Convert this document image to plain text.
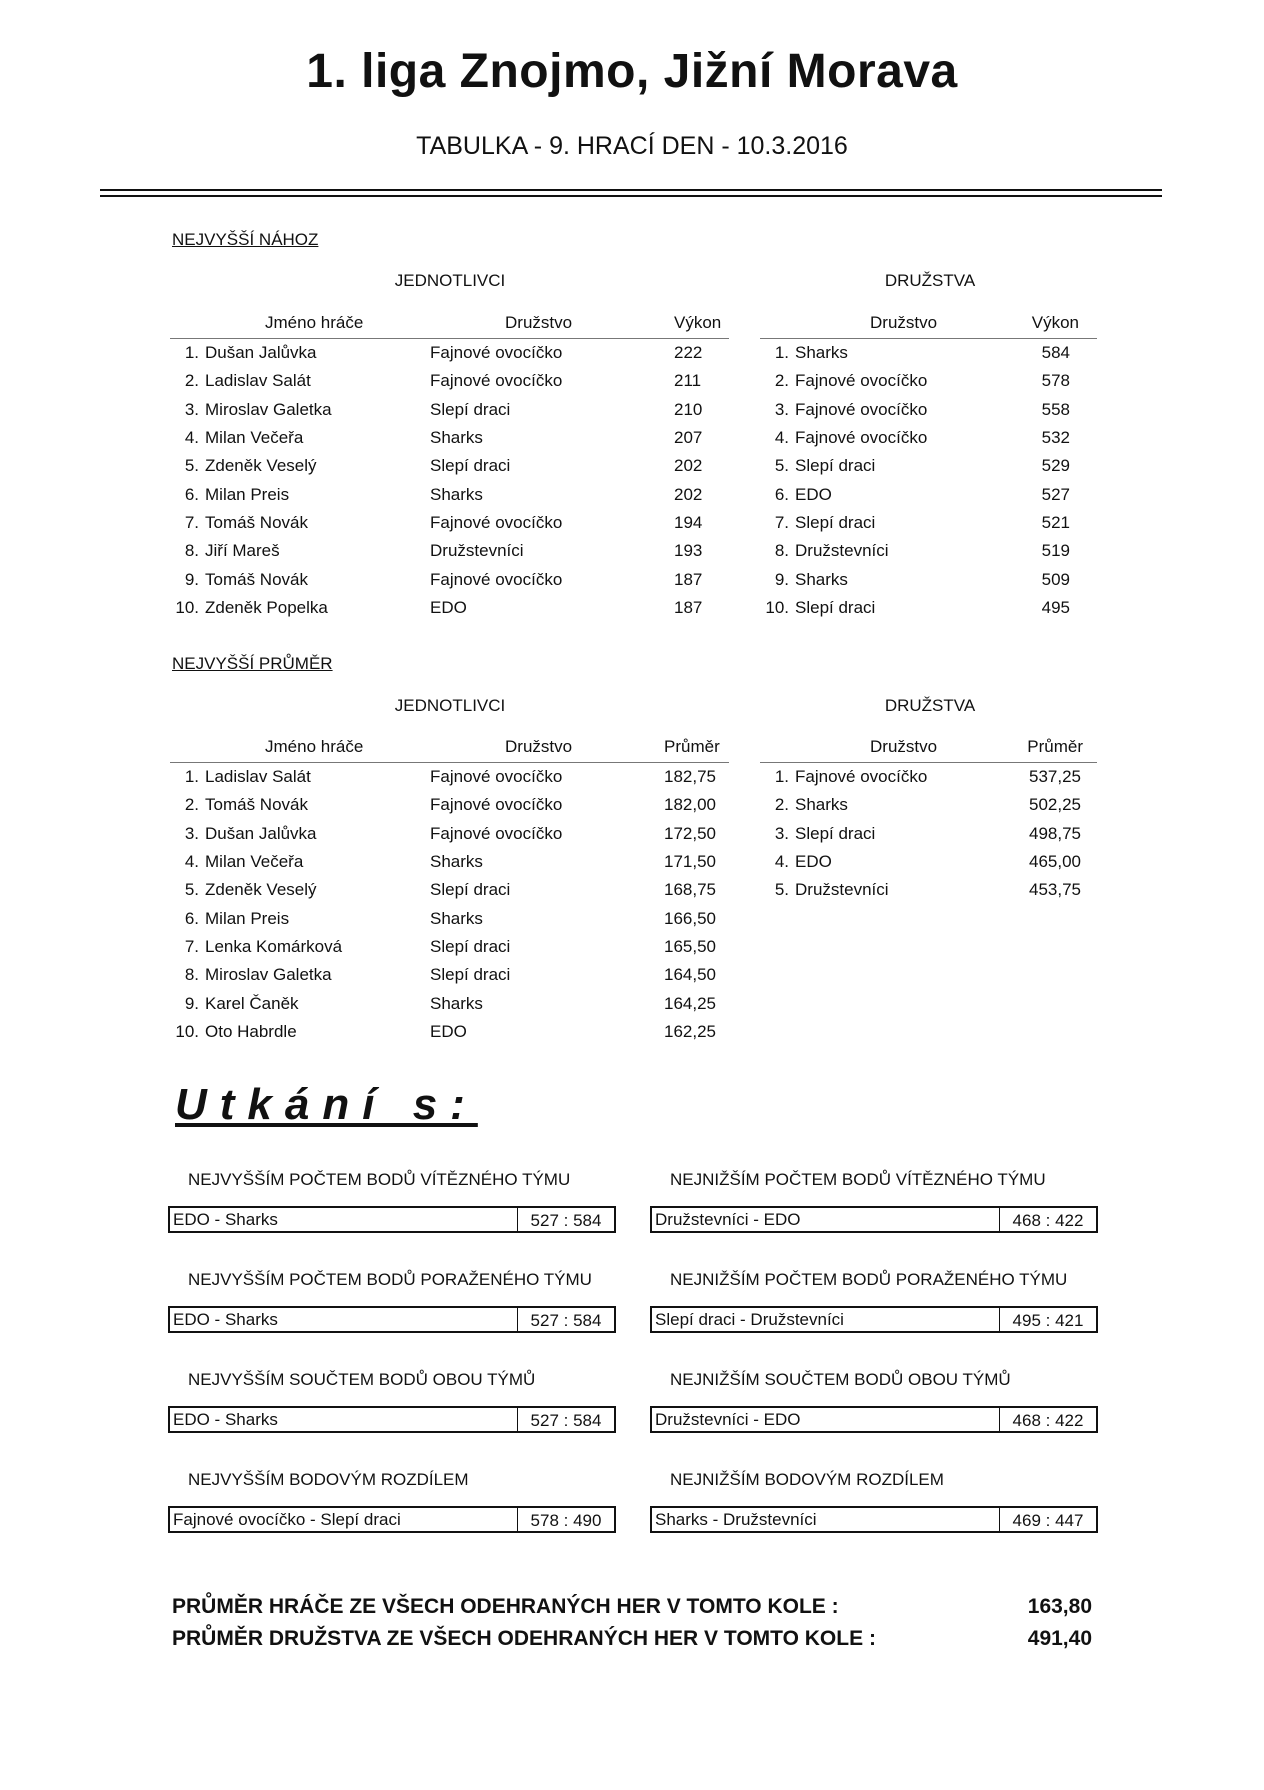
1. liga Znojmo, Jižní Morava
TABULKA - 9. HRACÍ DEN - 10.3.2016
NEJVYŠŠÍ NÁHOZ
JEDNOTLIVCI	DRUŽSTVA
Jméno hráče		Družstvo	Výkon
1.	Dušan Jalůvka	Fajnové ovocíčko	222
2.	Ladislav Salát	Fajnové ovocíčko	211
3.	Miroslav Galetka	Slepí draci	210
4.	Milan Večeřa	Sharks	207
5.	Zdeněk Veselý	Slepí draci	202
6.	Milan Preis	Sharks	202
7.	Tomáš Novák	Fajnové ovocíčko	194
8.	Jiří Mareš	Družstevníci	193
9.	Tomáš Novák	Fajnové ovocíčko	187
10.	Zdeněk Popelka	EDO	187
Družstvo		Výkon
1.	Sharks	584
2.	Fajnové ovocíčko	578
3.	Fajnové ovocíčko	558
4.	Fajnové ovocíčko	532
5.	Slepí draci	529
6.	EDO	527
7.	Slepí draci	521
8.	Družstevníci	519
9.	Sharks	509
10.	Slepí draci	495
NEJVYŠŠÍ PRŮMĚR
JEDNOTLIVCI	DRUŽSTVA
Jméno hráče		Družstvo	Průměr
1.	Ladislav Salát	Fajnové ovocíčko	182,75
2.	Tomáš Novák	Fajnové ovocíčko	182,00
3.	Dušan Jalůvka	Fajnové ovocíčko	172,50
4.	Milan Večeřa	Sharks	171,50
5.	Zdeněk Veselý	Slepí draci	168,75
6.	Milan Preis	Sharks	166,50
7.	Lenka Komárková	Slepí draci	165,50
8.	Miroslav Galetka	Slepí draci	164,50
9.	Karel Čaněk	Sharks	164,25
10.	Oto Habrdle	EDO	162,25
Družstvo		Průměr
1.	Fajnové ovocíčko	537,25
2.	Sharks	502,25
3.	Slepí draci	498,75
4.	EDO	465,00
5.	Družstevníci	453,75
Utkání s:
NEJVYŠŠÍM POČTEM BODŮ VÍTĚZNÉHO TÝMU
EDO - Sharks	527 : 584
NEJVYŠŠÍM POČTEM BODŮ PORAŽENÉHO TÝMU
EDO - Sharks	527 : 584
NEJVYŠŠÍM SOUČTEM BODŮ OBOU TÝMŮ
EDO - Sharks	527 : 584
NEJVYŠŠÍM BODOVÝM ROZDÍLEM
Fajnové ovocíčko - Slepí draci	578 : 490
NEJNIŽŠÍM POČTEM BODŮ VÍTĚZNÉHO TÝMU
Družstevníci - EDO	468 : 422
NEJNIŽŠÍM POČTEM BODŮ PORAŽENÉHO TÝMU
Slepí draci - Družstevníci	495 : 421
NEJNIŽŠÍM SOUČTEM BODŮ OBOU TÝMŮ
Družstevníci - EDO	468 : 422
NEJNIŽŠÍM BODOVÝM ROZDÍLEM
Sharks - Družstevníci	469 : 447
PRŮMĚR HRÁČE ZE VŠECH ODEHRANÝCH HER V TOMTO KOLE :	163,80
PRŮMĚR DRUŽSTVA ZE VŠECH ODEHRANÝCH HER V TOMTO KOLE :	491,40
